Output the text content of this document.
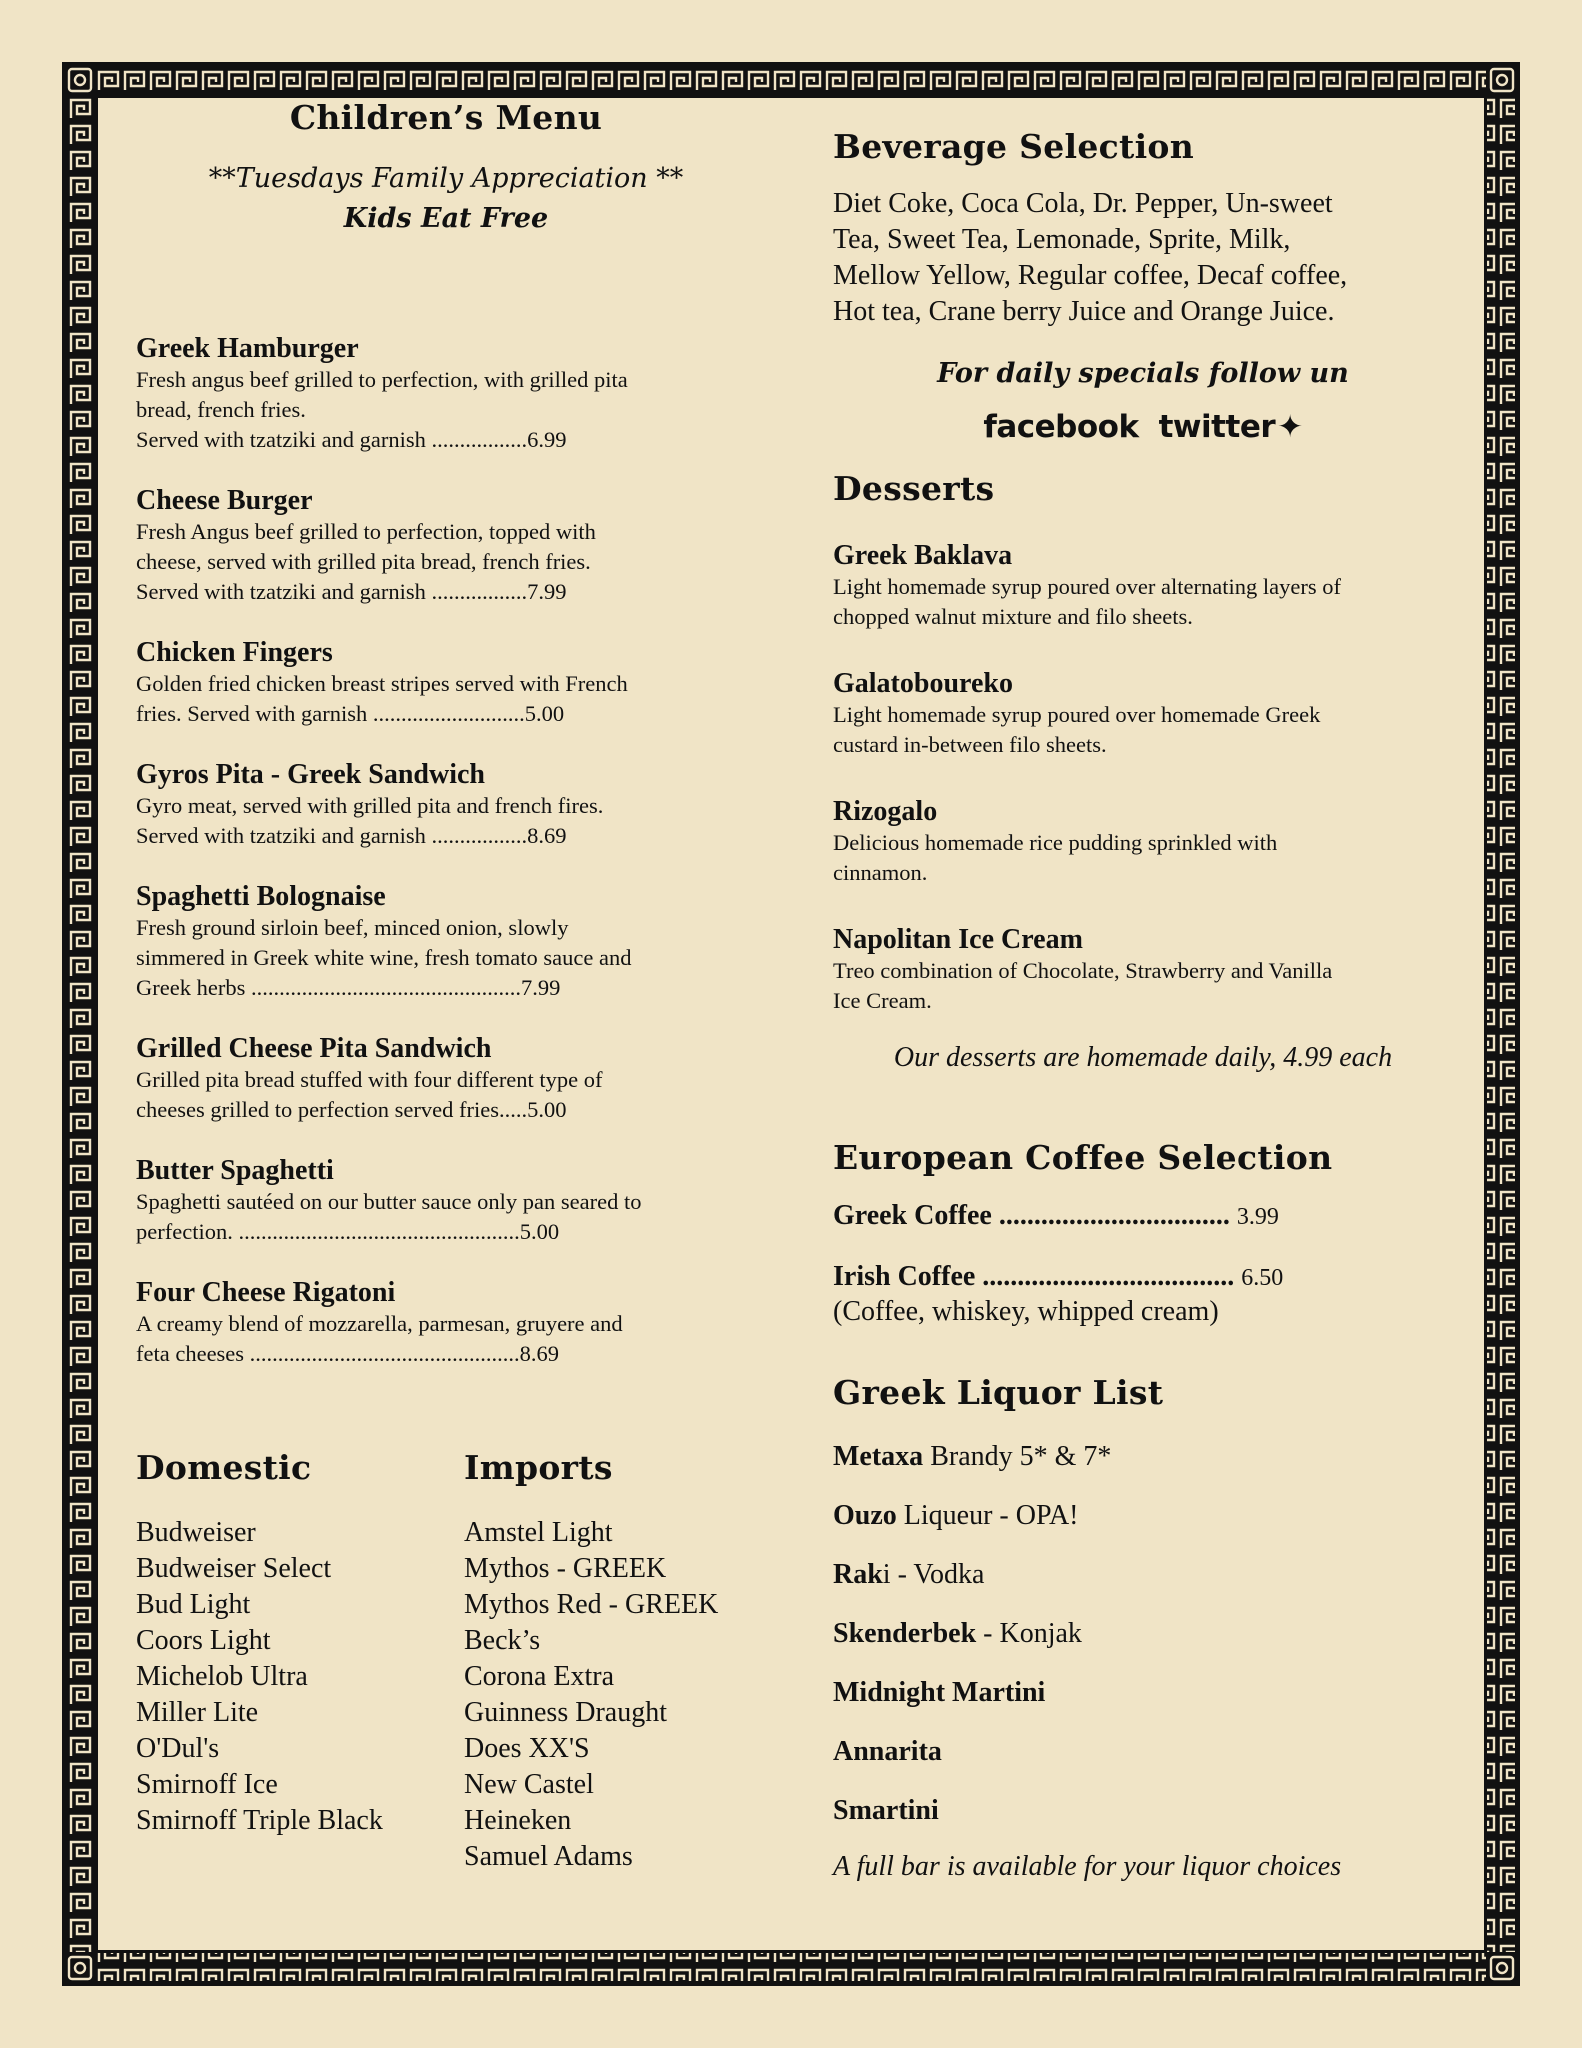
Children’s Menu
**Tuesdays Family Appreciation **
Kids Eat Free
Greek Hamburger

Fresh angus beef grilled to perfection, with grilled pita

bread, french fries.

Served with tzatziki and garnish .................6.99

Cheese Burger

Fresh Angus beef grilled to perfection, topped with

cheese, served with grilled pita bread, french fries.

Served with tzatziki and garnish .................7.99

Chicken Fingers

Golden fried chicken breast stripes served with French

fries. Served with garnish ...........................5.00

Gyros Pita - Greek Sandwich

Gyro meat, served with grilled pita and french fires.

Served with tzatziki and garnish .................8.69

Spaghetti Bolognaise

Fresh ground sirloin beef, minced onion, slowly

simmered in Greek white wine, fresh tomato sauce and

Greek herbs ................................................7.99

Grilled Cheese Pita Sandwich

Grilled pita bread stuffed with four different type of

cheeses grilled to perfection served fries.....5.00

Butter Spaghetti

Spaghetti sautéed on our butter sauce only pan seared to

perfection. ..................................................5.00

Four Cheese Rigatoni

A creamy blend of mozzarella, parmesan, gruyere and

feta cheeses ................................................8.69

Domestic
Budweiser
Budweiser Select
Bud Light
Coors Light
Michelob Ultra
Miller Lite
O'Dul's
Smirnoff Ice
Smirnoff Triple Black
Imports
Amstel Light
Mythos - GREEK
Mythos Red - GREEK
Beck’s
Corona Extra
Guinness Draught
Does XX'S
New Castel
Heineken
Samuel Adams
Beverage Selection
Diet Coke, Coca Cola, Dr. Pepper, Un-sweet
Tea, Sweet Tea, Lemonade, Sprite, Milk,
Mellow Yellow, Regular coffee, Decaf coffee,
Hot tea, Crane berry Juice and Orange Juice.
For daily specials follow un
facebook twitter✦
Desserts
Greek Baklava

Light homemade syrup poured over alternating layers of

chopped walnut mixture and filo sheets.

Galatoboureko

Light homemade syrup poured over homemade Greek

custard in-between filo sheets.

Rizogalo

Delicious homemade rice pudding sprinkled with

cinnamon.

Napolitan Ice Cream

Treo combination of Chocolate, Strawberry and Vanilla

Ice Cream.

Our desserts are homemade daily, 4.99 each
European Coffee Selection
Greek Coffee ................................. 3.99
Irish Coffee .................................... 6.50
(Coffee, whiskey, whipped cream)
Greek Liquor List
Metaxa Brandy 5* & 7*
Ouzo Liqueur - OPA!
Raki - Vodka
Skenderbek - Konjak
Midnight Martini
Annarita
Smartini
A full bar is available for your liquor choices
